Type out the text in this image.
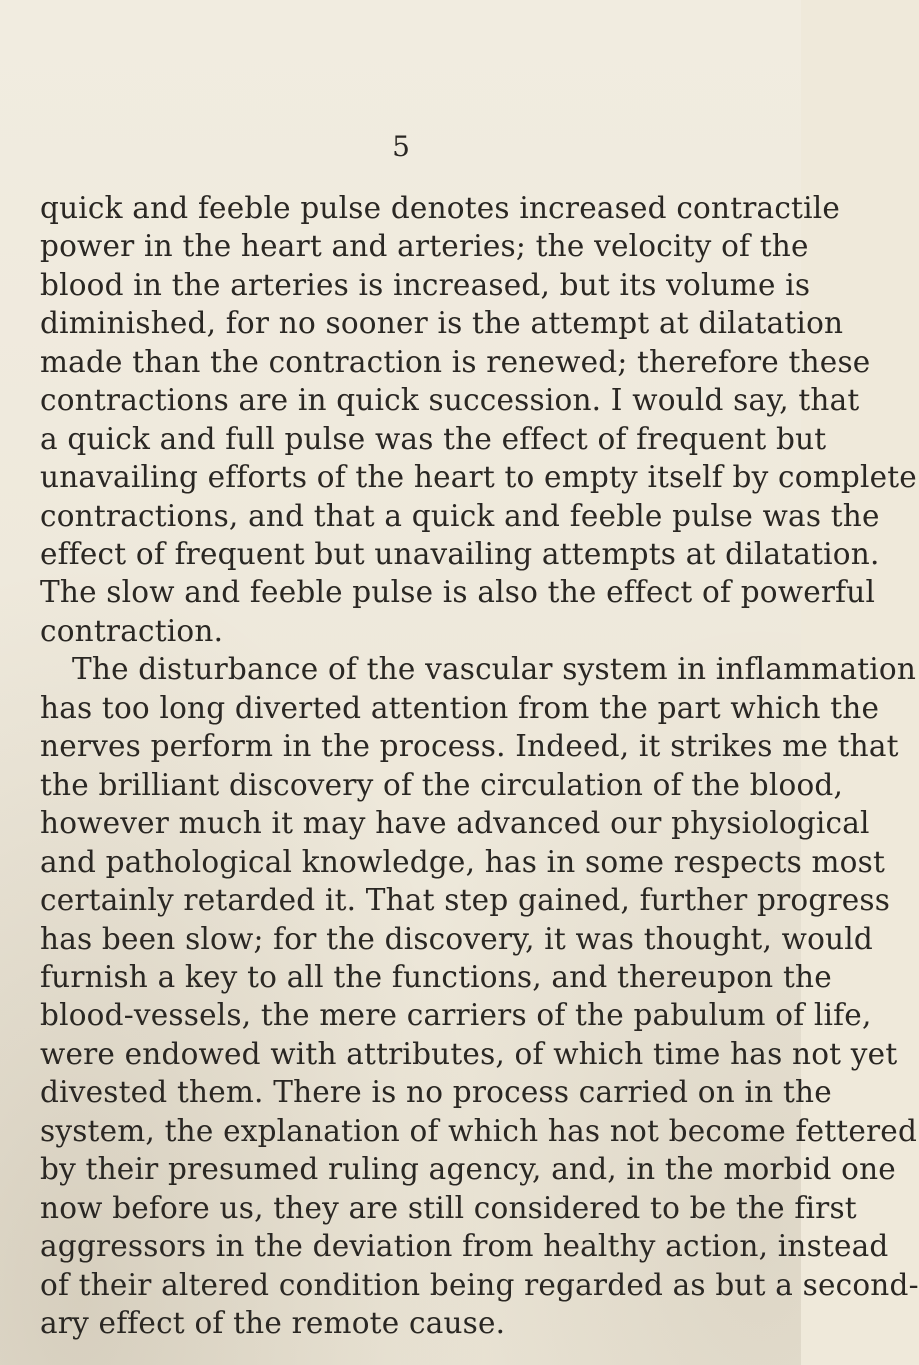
5
quick and feeble pulse denotes increased contractile
power in the heart and arteries; the velocity of the
blood in the arteries is increased, but its volume is
diminished, for no sooner is the attempt at dilatation
made than the contraction is renewed; therefore these
contractions are in quick succession. I would say, that
a quick and full pulse was the effect of frequent but
unavailing efforts of the heart to empty itself by complete
contractions, and that a quick and feeble pulse was the
effect of frequent but unavailing attempts at dilatation.
The slow and feeble pulse is also the effect of powerful
contraction.
The disturbance of the vascular system in inflammation
has too long diverted attention from the part which the
nerves perform in the process. Indeed, it strikes me that
the brilliant discovery of the circulation of the blood,
however much it may have advanced our physiological
and pathological knowledge, has in some respects most
certainly retarded it. That step gained, further progress
has been slow; for the discovery, it was thought, would
furnish a key to all the functions, and thereupon the
blood-vessels, the mere carriers of the pabulum of life,
were endowed with attributes, of which time has not yet
divested them. There is no process carried on in the
system, the explanation of which has not become fettered
by their presumed ruling agency, and, in the morbid one
now before us, they are still considered to be the first
aggressors in the deviation from healthy action, instead
of their altered condition being regarded as but a second-
ary effect of the remote cause.
